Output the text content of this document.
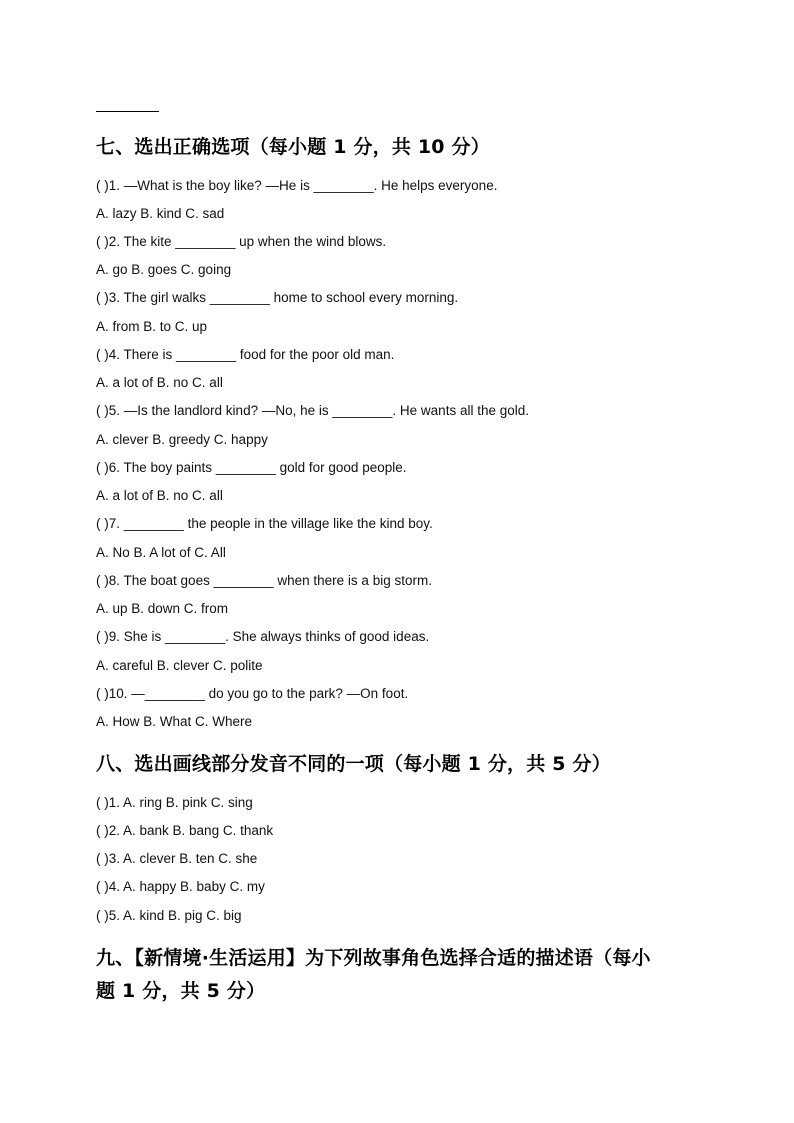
七、选出正确选项（每小题 1 分，共 10 分）
( )1. —What is the boy like? —He is ________. He helps everyone.
A. lazy B. kind C. sad
( )2. The kite ________ up when the wind blows.
A. go B. goes C. going
( )3. The girl walks ________ home to school every morning.
A. from B. to C. up
( )4. There is ________ food for the poor old man.
A. a lot of B. no C. all
( )5. —Is the landlord kind? —No, he is ________. He wants all the gold.
A. clever B. greedy C. happy
( )6. The boy paints ________ gold for good people.
A. a lot of B. no C. all
( )7. ________ the people in the village like the kind boy.
A. No B. A lot of C. All
( )8. The boat goes ________ when there is a big storm.
A. up B. down C. from
( )9. She is ________. She always thinks of good ideas.
A. careful B. clever C. polite
( )10. —________ do you go to the park? —On foot.
A. How B. What C. Where
八、选出画线部分发音不同的一项（每小题 1 分，共 5 分）
( )1. A. ring B. pink C. sing
( )2. A. bank B. bang C. thank
( )3. A. clever B. ten C. she
( )4. A. happy B. baby C. my
( )5. A. kind B. pig C. big
九、【新情境·生活运用】为下列故事角色选择合适的描述语（每小
题 1 分，共 5 分）
